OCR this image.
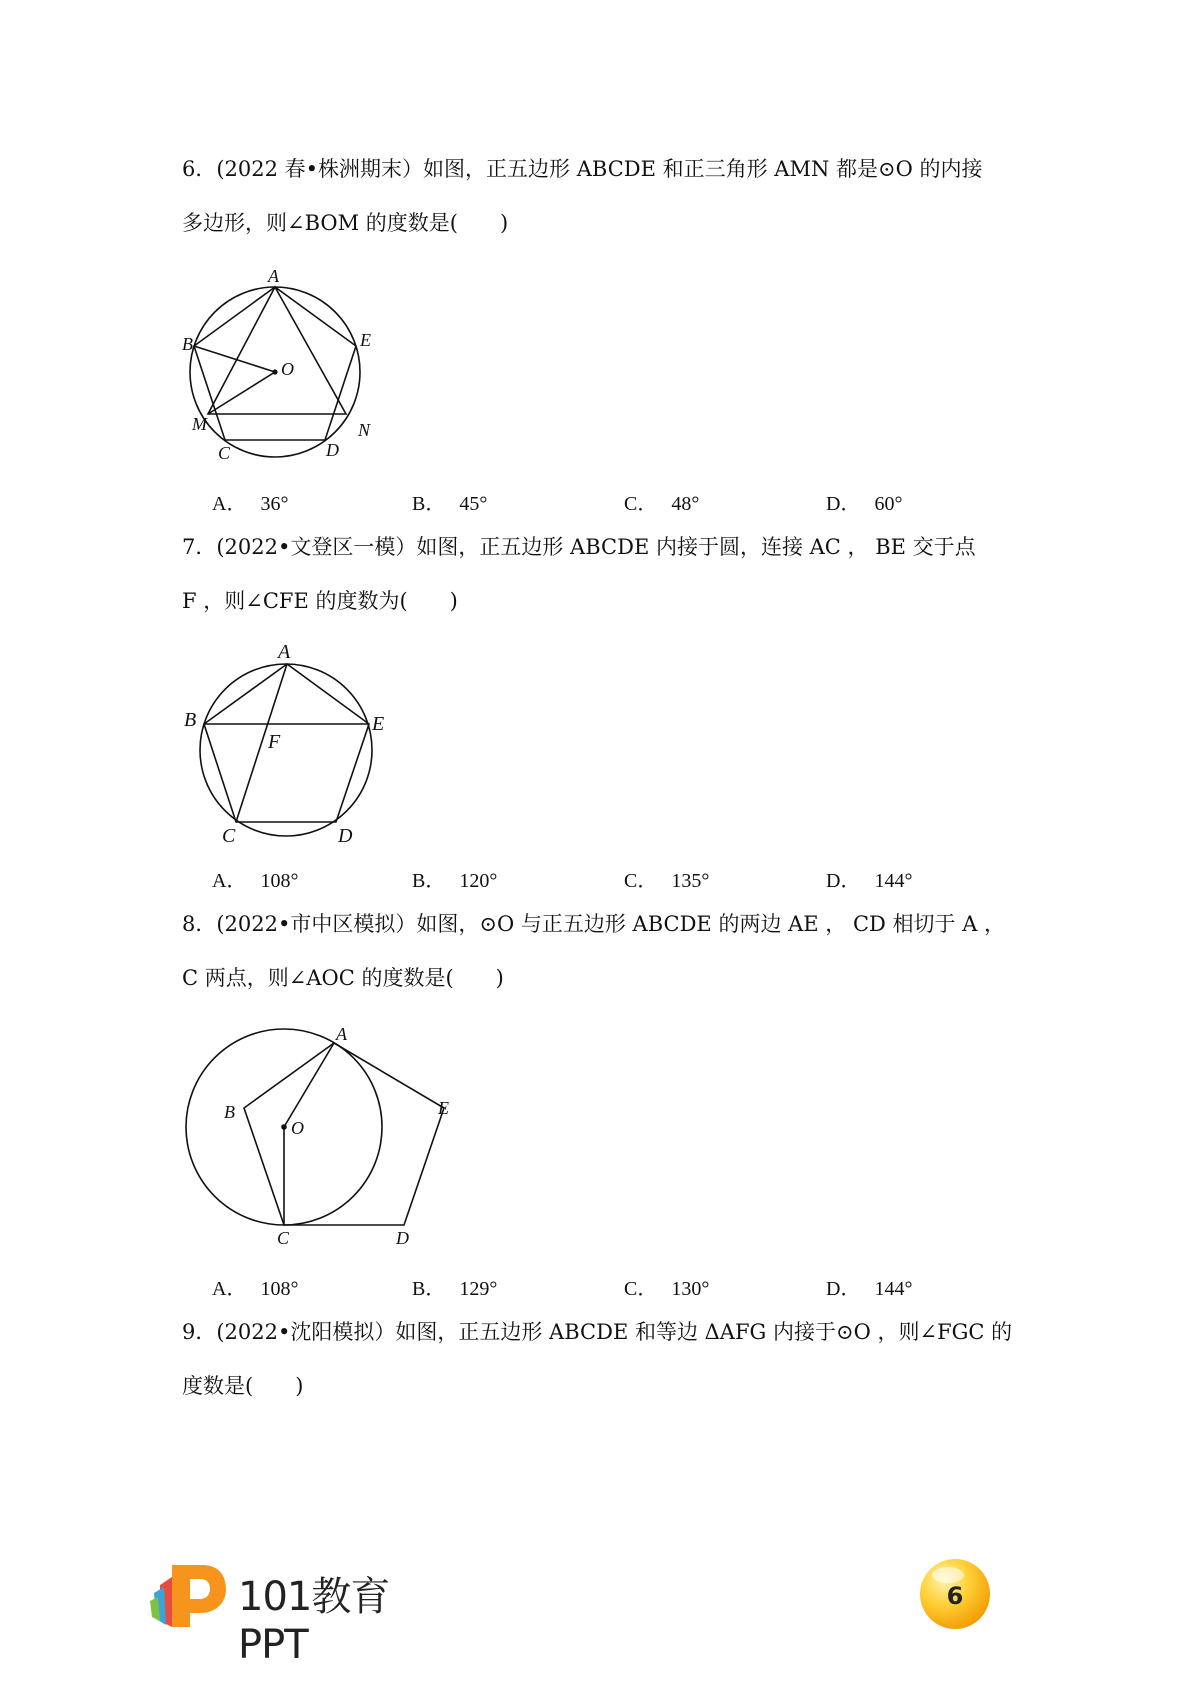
6．(2022 春•株洲期末）如图，正五边形 ABCDE 和正三角形 AMN 都是⊙O 的内接
多边形，则∠BOM 的度数是(　　)
A
B	E
O
M	N
C	D
A． 36°	B． 45°	C． 48°	D． 60°
7．(2022•文登区一模）如图，正五边形 ABCDE 内接于圆，连接 AC ， BE 交于点
F ，则∠CFE 的度数为(　　)
A
B	E
F
C	D
A． 108°	B． 120°	C． 135°	D． 144°
8．(2022•市中区模拟）如图，⊙O 与正五边形 ABCDE 的两边 AE ， CD 相切于 A ，
C 两点，则∠AOC 的度数是(　　)
A
B	E
O
C	D
A． 108°	B． 129°	C． 130°	D． 144°
9．(2022•沈阳模拟）如图，正五边形 ABCDE 和等边 ΔAFG 内接于⊙O ，则∠FGC 的
度数是(　　)
101教育PPT
6
